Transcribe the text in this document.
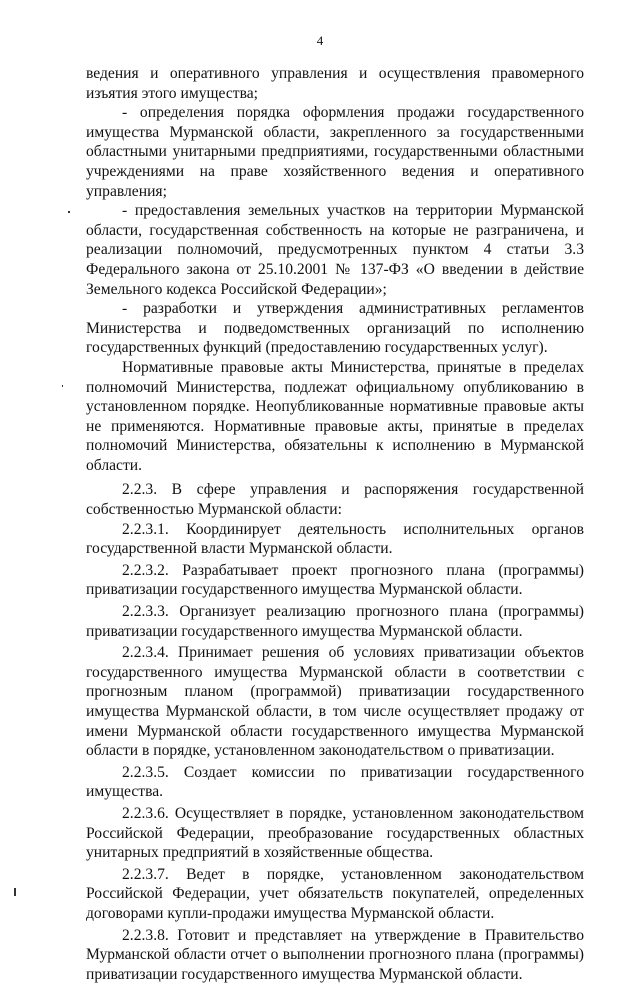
4

ведения и оперативного управления и осуществления правомерного изъятия этого имущества;

- определения порядка оформления продажи государственного имущества Мурманской области, закрепленного за государственными областными унитарными предприятиями, государственными областными учреждениями на праве хозяйственного ведения и оперативного управления;

- предоставления земельных участков на территории Мурманской области, государственная собственность на которые не разграничена, и реализации полномочий, предусмотренных пунктом 4 статьи 3.3 Федерального закона от 25.10.2001 № 137-ФЗ «О введении в действие Земельного кодекса Российской Федерации»;

- разработки и утверждения административных регламентов Министерства и подведомственных организаций по исполнению государственных функций (предоставлению государственных услуг).

Нормативные правовые акты Министерства, принятые в пределах полномочий Министерства, подлежат официальному опубликованию в установленном порядке. Неопубликованные нормативные правовые акты не применяются. Нормативные правовые акты, принятые в пределах полномочий Министерства, обязательны к исполнению в Мурманской области.

2.2.3. В сфере управления и распоряжения государственной собственностью Мурманской области:

2.2.3.1. Координирует деятельность исполнительных органов государственной власти Мурманской области.

2.2.3.2. Разрабатывает проект прогнозного плана (программы) приватизации государственного имущества Мурманской области.

2.2.3.3. Организует реализацию прогнозного плана (программы) приватизации государственного имущества Мурманской области.

2.2.3.4. Принимает решения об условиях приватизации объектов государственного имущества Мурманской области в соответствии с прогнозным планом (программой) приватизации государственного имущества Мурманской области, в том числе осуществляет продажу от имени Мурманской области государственного имущества Мурманской области в порядке, установленном законодательством о приватизации.

2.2.3.5. Создает комиссии по приватизации государственного имущества.

2.2.3.6. Осуществляет в порядке, установленном законодательством Российской Федерации, преобразование государственных областных унитарных предприятий в хозяйственные общества.

2.2.3.7. Ведет в порядке, установленном законодательством Российской Федерации, учет обязательств покупателей, определенных договорами купли-продажи имущества Мурманской области.

2.2.3.8. Готовит и представляет на утверждение в Правительство Мурманской области отчет о выполнении прогнозного плана (программы) приватизации государственного имущества Мурманской области.
